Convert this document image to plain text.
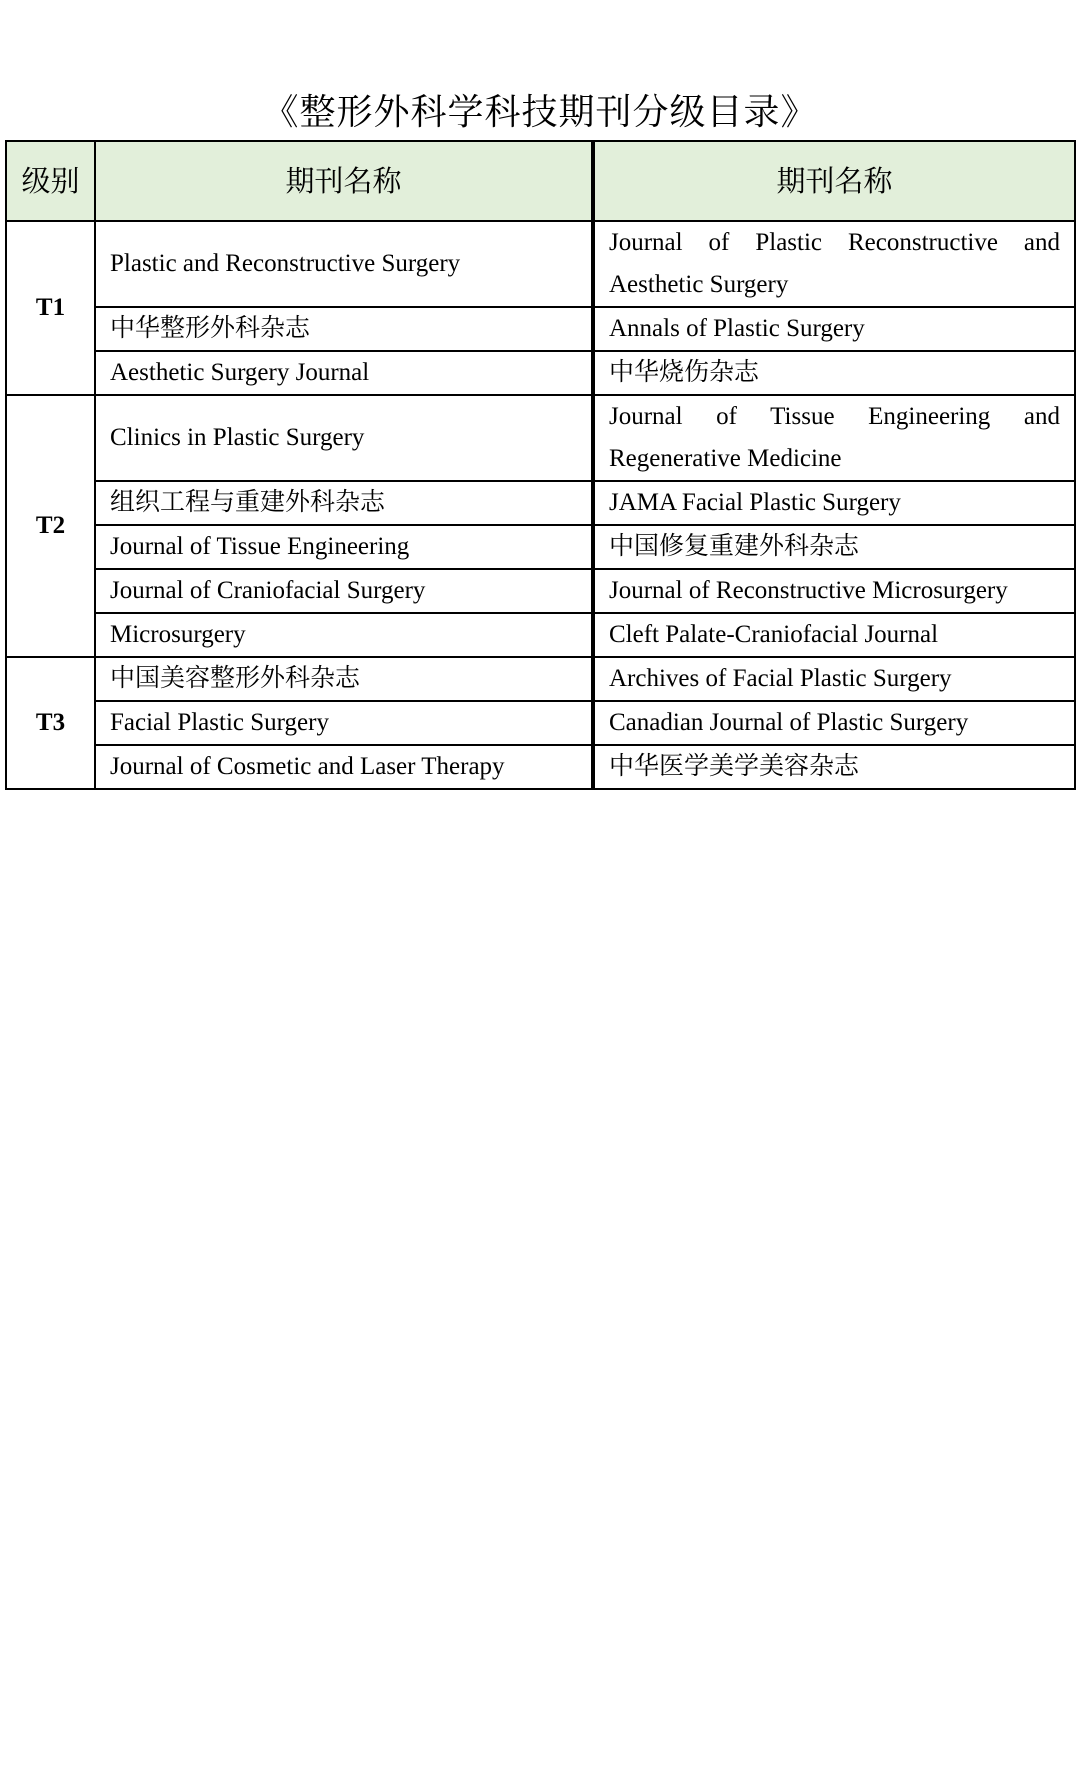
《整形外科学科技期刊分级目录》
级别	期刊名称	期刊名称
T1	Plastic and Reconstructive Surgery	Journal of Plastic Reconstructive and Aesthetic Surgery
	中华整形外科杂志	Annals of Plastic Surgery
	Aesthetic Surgery Journal	中华烧伤杂志
T2	Clinics in Plastic Surgery	Journal of Tissue Engineering and Regenerative Medicine
	组织工程与重建外科杂志	JAMA Facial Plastic Surgery
	Journal of Tissue Engineering	中国修复重建外科杂志
	Journal of Craniofacial Surgery	Journal of Reconstructive Microsurgery
	Microsurgery	Cleft Palate-Craniofacial Journal
T3	中国美容整形外科杂志	Archives of Facial Plastic Surgery
	Facial Plastic Surgery	Canadian Journal of Plastic Surgery
	Journal of Cosmetic and Laser Therapy	中华医学美学美容杂志
